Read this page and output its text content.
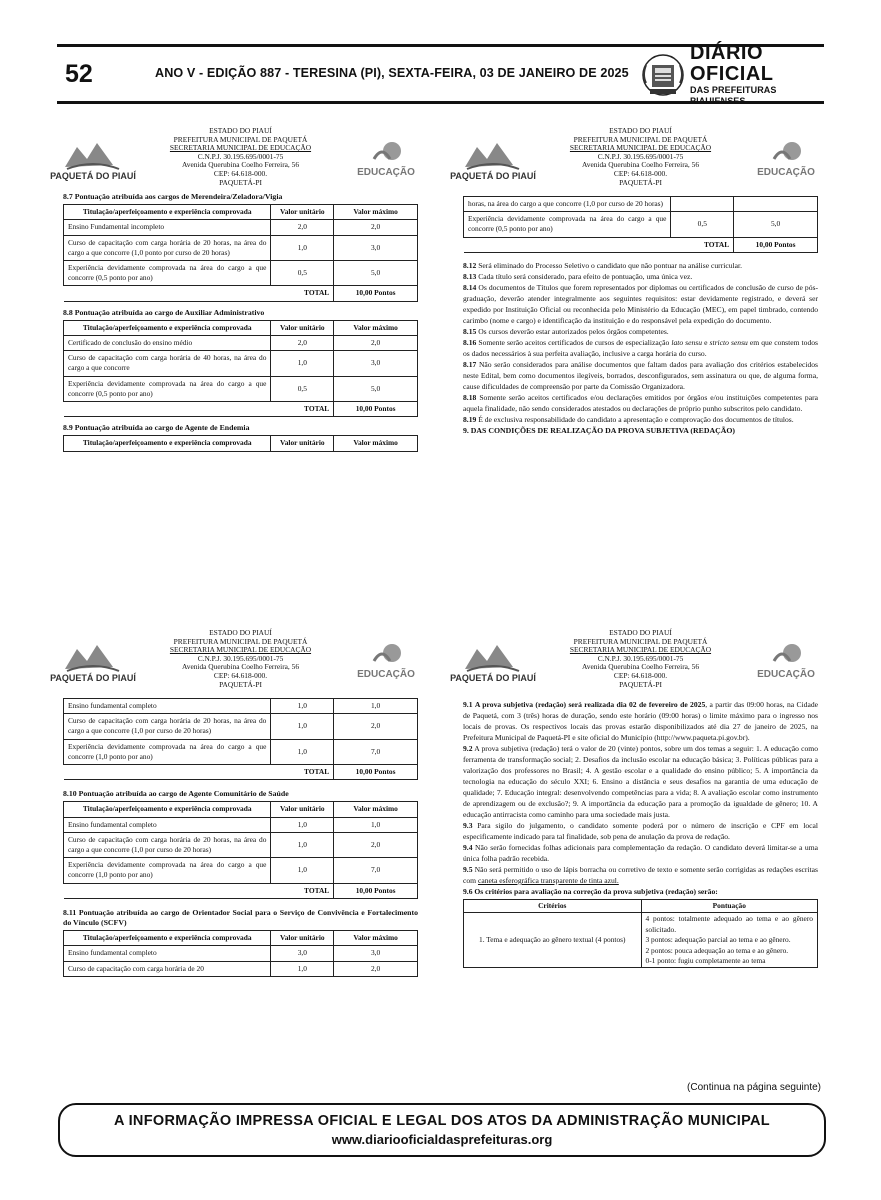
52	ANO V - EDIÇÃO 887 - TERESINA (PI), SEXTA-FEIRA, 03 DE JANEIRO DE 2025
DIÁRIO OFICIAL
DAS PREFEITURAS
PAQUETÁ DO PIAUÍ
ESTADO DO PIAUÍ
PREFEITURA MUNICIPAL DE PAQUETÁ
SECRETARIA MUNICIPAL DE EDUCAÇÃO
C.N.P.J. 30.195.695/0001-75
Avenida Querubina Coelho Ferreira, 56
CEP: 64.618-000.
PAQUETÁ-PI
EDUCAÇÃO
8.7 Pontuação atribuída aos cargos de Merendeira/Zeladora/Vigia
Titulação/aperfeiçoamento e experiência comprovada	Valor unitário	Valor máximo
Ensino Fundamental incompleto	2,0	2,0
Curso de capacitação com carga horária de 20 horas, na área do cargo a que concorre (1,0 ponto por curso de 20 horas)	1,0	3,0
Experiência devidamente comprovada na área do cargo a que concorre (0,5 ponto por ano)	0,5	5,0
TOTAL		10,00 Pontos
8.8 Pontuação atribuída ao cargo de Auxiliar Administrativo
Titulação/aperfeiçoamento e experiência comprovada	Valor unitário	Valor máximo
Certificado de conclusão do ensino médio	2,0	2,0
Curso de capacitação com carga horária de 40 horas, na área do cargo a que concorre	1,0	3,0
Experiência devidamente comprovada na área do cargo a que concorre (0,5 ponto por ano)	0,5	5,0
TOTAL		10,00 Pontos
8.9 Pontuação atribuída ao cargo de Agente de Endemia
Titulação/aperfeiçoamento e experiência comprovada	Valor unitário	Valor máximo
PAQUETÁ DO PIAUÍ
ESTADO DO PIAUÍ
PREFEITURA MUNICIPAL DE PAQUETÁ
SECRETARIA MUNICIPAL DE EDUCAÇÃO
C.N.P.J. 30.195.695/0001-75
Avenida Querubina Coelho Ferreira, 56
CEP: 64.618-000.
PAQUETÁ-PI
EDUCAÇÃO
horas, na área do cargo a que concorre (1,0 por curso de 20 horas)		
Experiência devidamente comprovada na área do cargo a que concorre (0,5 ponto por ano)	0,5	5,0
TOTAL		10,00 Pontos

8.12 Será eliminado do Processo Seletivo o candidato que não pontuar na análise curricular.

8.13 Cada título será considerado, para efeito de pontuação, uma única vez.

8.14 Os documentos de Títulos que forem representados por diplomas ou certificados de conclusão de curso de pós-graduação, deverão atender integralmente aos seguintes requisitos: estar devidamente registrado, e deverá ser expedido por Instituição Oficial ou reconhecida pelo Ministério da Educação (MEC), em papel timbrado, contendo carimbo (nome e cargo) e identificação da instituição e do responsável pela expedição do documento.

8.15 Os cursos deverão estar autorizados pelos órgãos competentes.

8.16 Somente serão aceitos certificados de cursos de especialização lato sensu e stricto sensu em que constem todos os dados necessários à sua perfeita avaliação, inclusive a carga horária do curso.

8.17 Não serão considerados para análise documentos que faltam dados para avaliação dos critérios estabelecidos neste Edital, bem como documentos ilegíveis, borrados, desconfigurados, sem assinatura ou que, de alguma forma, cause dificuldades de compreensão por parte da Comissão Organizadora.

8.18 Somente serão aceitos certificados e/ou declarações emitidos por órgãos e/ou instituições competentes para aquela finalidade, não sendo considerados atestados ou declarações de próprio punho subscritos pelo candidato.

8.19 É de exclusiva responsabilidade do candidato a apresentação e comprovação dos documentos de títulos.

9. DAS CONDIÇÕES DE REALIZAÇÃO DA PROVA SUBJETIVA (REDAÇÃO)

PAQUETÁ DO PIAUÍ
ESTADO DO PIAUÍ
PREFEITURA MUNICIPAL DE PAQUETÁ
SECRETARIA MUNICIPAL DE EDUCAÇÃO
C.N.P.J. 30.195.695/0001-75
Avenida Querubina Coelho Ferreira, 56
CEP: 64.618-000.
PAQUETÁ-PI
EDUCAÇÃO
Ensino fundamental completo	1,0	1,0
Curso de capacitação com carga horária de 20 horas, na área do cargo a que concorre (1,0 por curso de 20 horas)	1,0	2,0
Experiência devidamente comprovada na área do cargo a que concorre (1,0 ponto por ano)	1,0	7,0
TOTAL		10,00 Pontos
8.10 Pontuação atribuída ao cargo de Agente Comunitário de Saúde
Titulação/aperfeiçoamento e experiência comprovada	Valor unitário	Valor máximo
Ensino fundamental completo	1,0	1,0
Curso de capacitação com carga horária de 20 horas, na área do cargo a que concorre (1,0 por curso de 20 horas)	1,0	2,0
Experiência devidamente comprovada na área do cargo a que concorre (1,0 ponto por ano)	1,0	7,0
TOTAL		10,00 Pontos
8.11 Pontuação atribuída ao cargo de Orientador Social para o Serviço de Convivência e Fortalecimento do Vínculo (SCFV)
Titulação/aperfeiçoamento e experiência comprovada	Valor unitário	Valor máximo
Ensino fundamental completo	3,0	3,0
Curso de capacitação com carga horária de 20	1,0	2,0
PAQUETÁ DO PIAUÍ
ESTADO DO PIAUÍ
PREFEITURA MUNICIPAL DE PAQUETÁ
SECRETARIA MUNICIPAL DE EDUCAÇÃO
C.N.P.J. 30.195.695/0001-75
Avenida Querubina Coelho Ferreira, 56
CEP: 64.618-000.
PAQUETÁ-PI
EDUCAÇÃO

9.1 A prova subjetiva (redação) será realizada dia 02 de fevereiro de 2025, a partir das 09:00 horas, na Cidade de Paquetá, com 3 (três) horas de duração, sendo este horário (09:00 horas) o limite máximo para o ingresso nos locais de provas. Os respectivos locais das provas estarão disponibilizados até dia 27 de janeiro de 2025, na Prefeitura Municipal de Paquetá-PI e site oficial do Município (http://www.paqueta.pi.gov.br).

9.2 A prova subjetiva (redação) terá o valor de 20 (vinte) pontos, sobre um dos temas a seguir: 1. A educação como ferramenta de transformação social; 2. Desafios da inclusão escolar na educação básica; 3. Políticas públicas para a valorização dos professores no Brasil; 4. A gestão escolar e a qualidade do ensino público; 5. A importância da tecnologia na educação do século XXI; 6. Ensino a distância e seus desafios na garantia de uma educação de qualidade; 7. Educação integral: desenvolvendo competências para a vida; 8. A avaliação escolar como instrumento de aprendizagem ou de exclusão?; 9. A importância da educação para a promoção da igualdade de gênero; 10. A educação antirracista como caminho para uma sociedade mais justa.

9.3 Para sigilo do julgamento, o candidato somente poderá por o número de inscrição e CPF em local especificamente indicado para tal finalidade, sob pena de anulação da prova de redação.

9.4 Não serão fornecidas folhas adicionais para complementação da redação. O candidato deverá limitar-se a uma única folha padrão recebida.

9.5 Não será permitido o uso de lápis borracha ou corretivo de texto e somente serão corrigidas as redações escritas com caneta esferográfica transparente de tinta azul.

9.6 Os critérios para avaliação na correção da prova subjetiva (redação) serão:

Critérios	Pontuação
1. Tema e adequação ao gênero textual (4 pontos)	4 pontos: totalmente adequado ao tema e ao gênero solicitado.
3 pontos: adequação parcial ao tema e ao gênero.
2 pontos: pouca adequação ao tema e ao gênero.
0-1 ponto: fugiu completamente ao tema
(Continua na página seguinte)
A INFORMAÇÃO IMPRESSA OFICIAL E LEGAL DOS ATOS DA ADMINISTRAÇÃO MUNICIPAL
www.diariooficialdasprefeituras.org
